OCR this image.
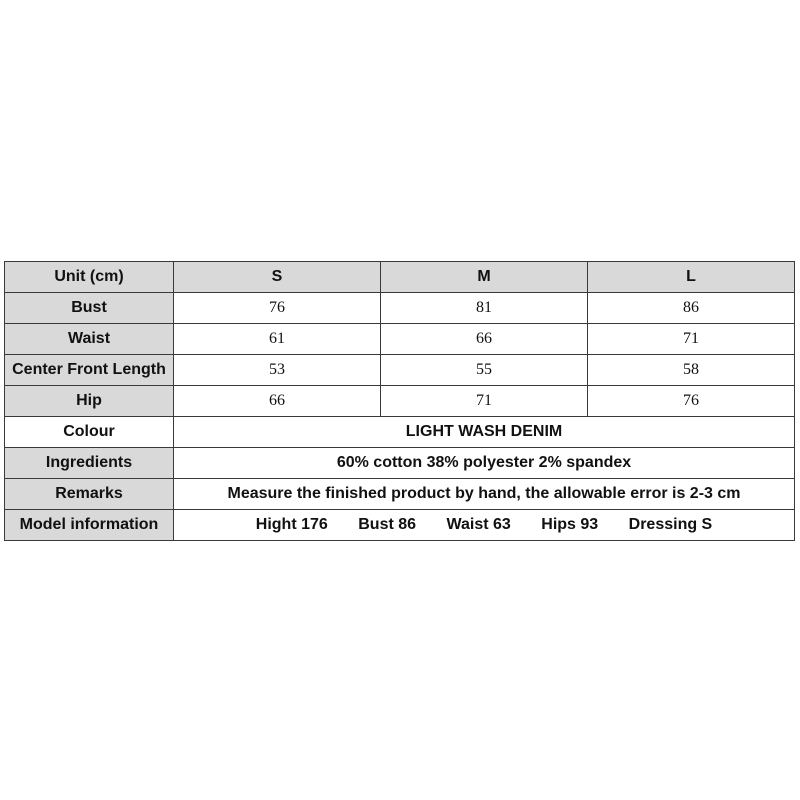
Unit (cm)	S	M	L
Bust	76	81	86
Waist	61	66	71
Center Front Length	53	55	58
Hip	66	71	76
Colour	LIGHT WASH DENIM		
Ingredients	60% cotton 38% polyester 2% spandex		
Remarks	Measure the finished product by hand, the allowable error is 2-3 cm		
Model information	Hight 176 Bust 86 Waist 63 Hips 93 Dressing S		
